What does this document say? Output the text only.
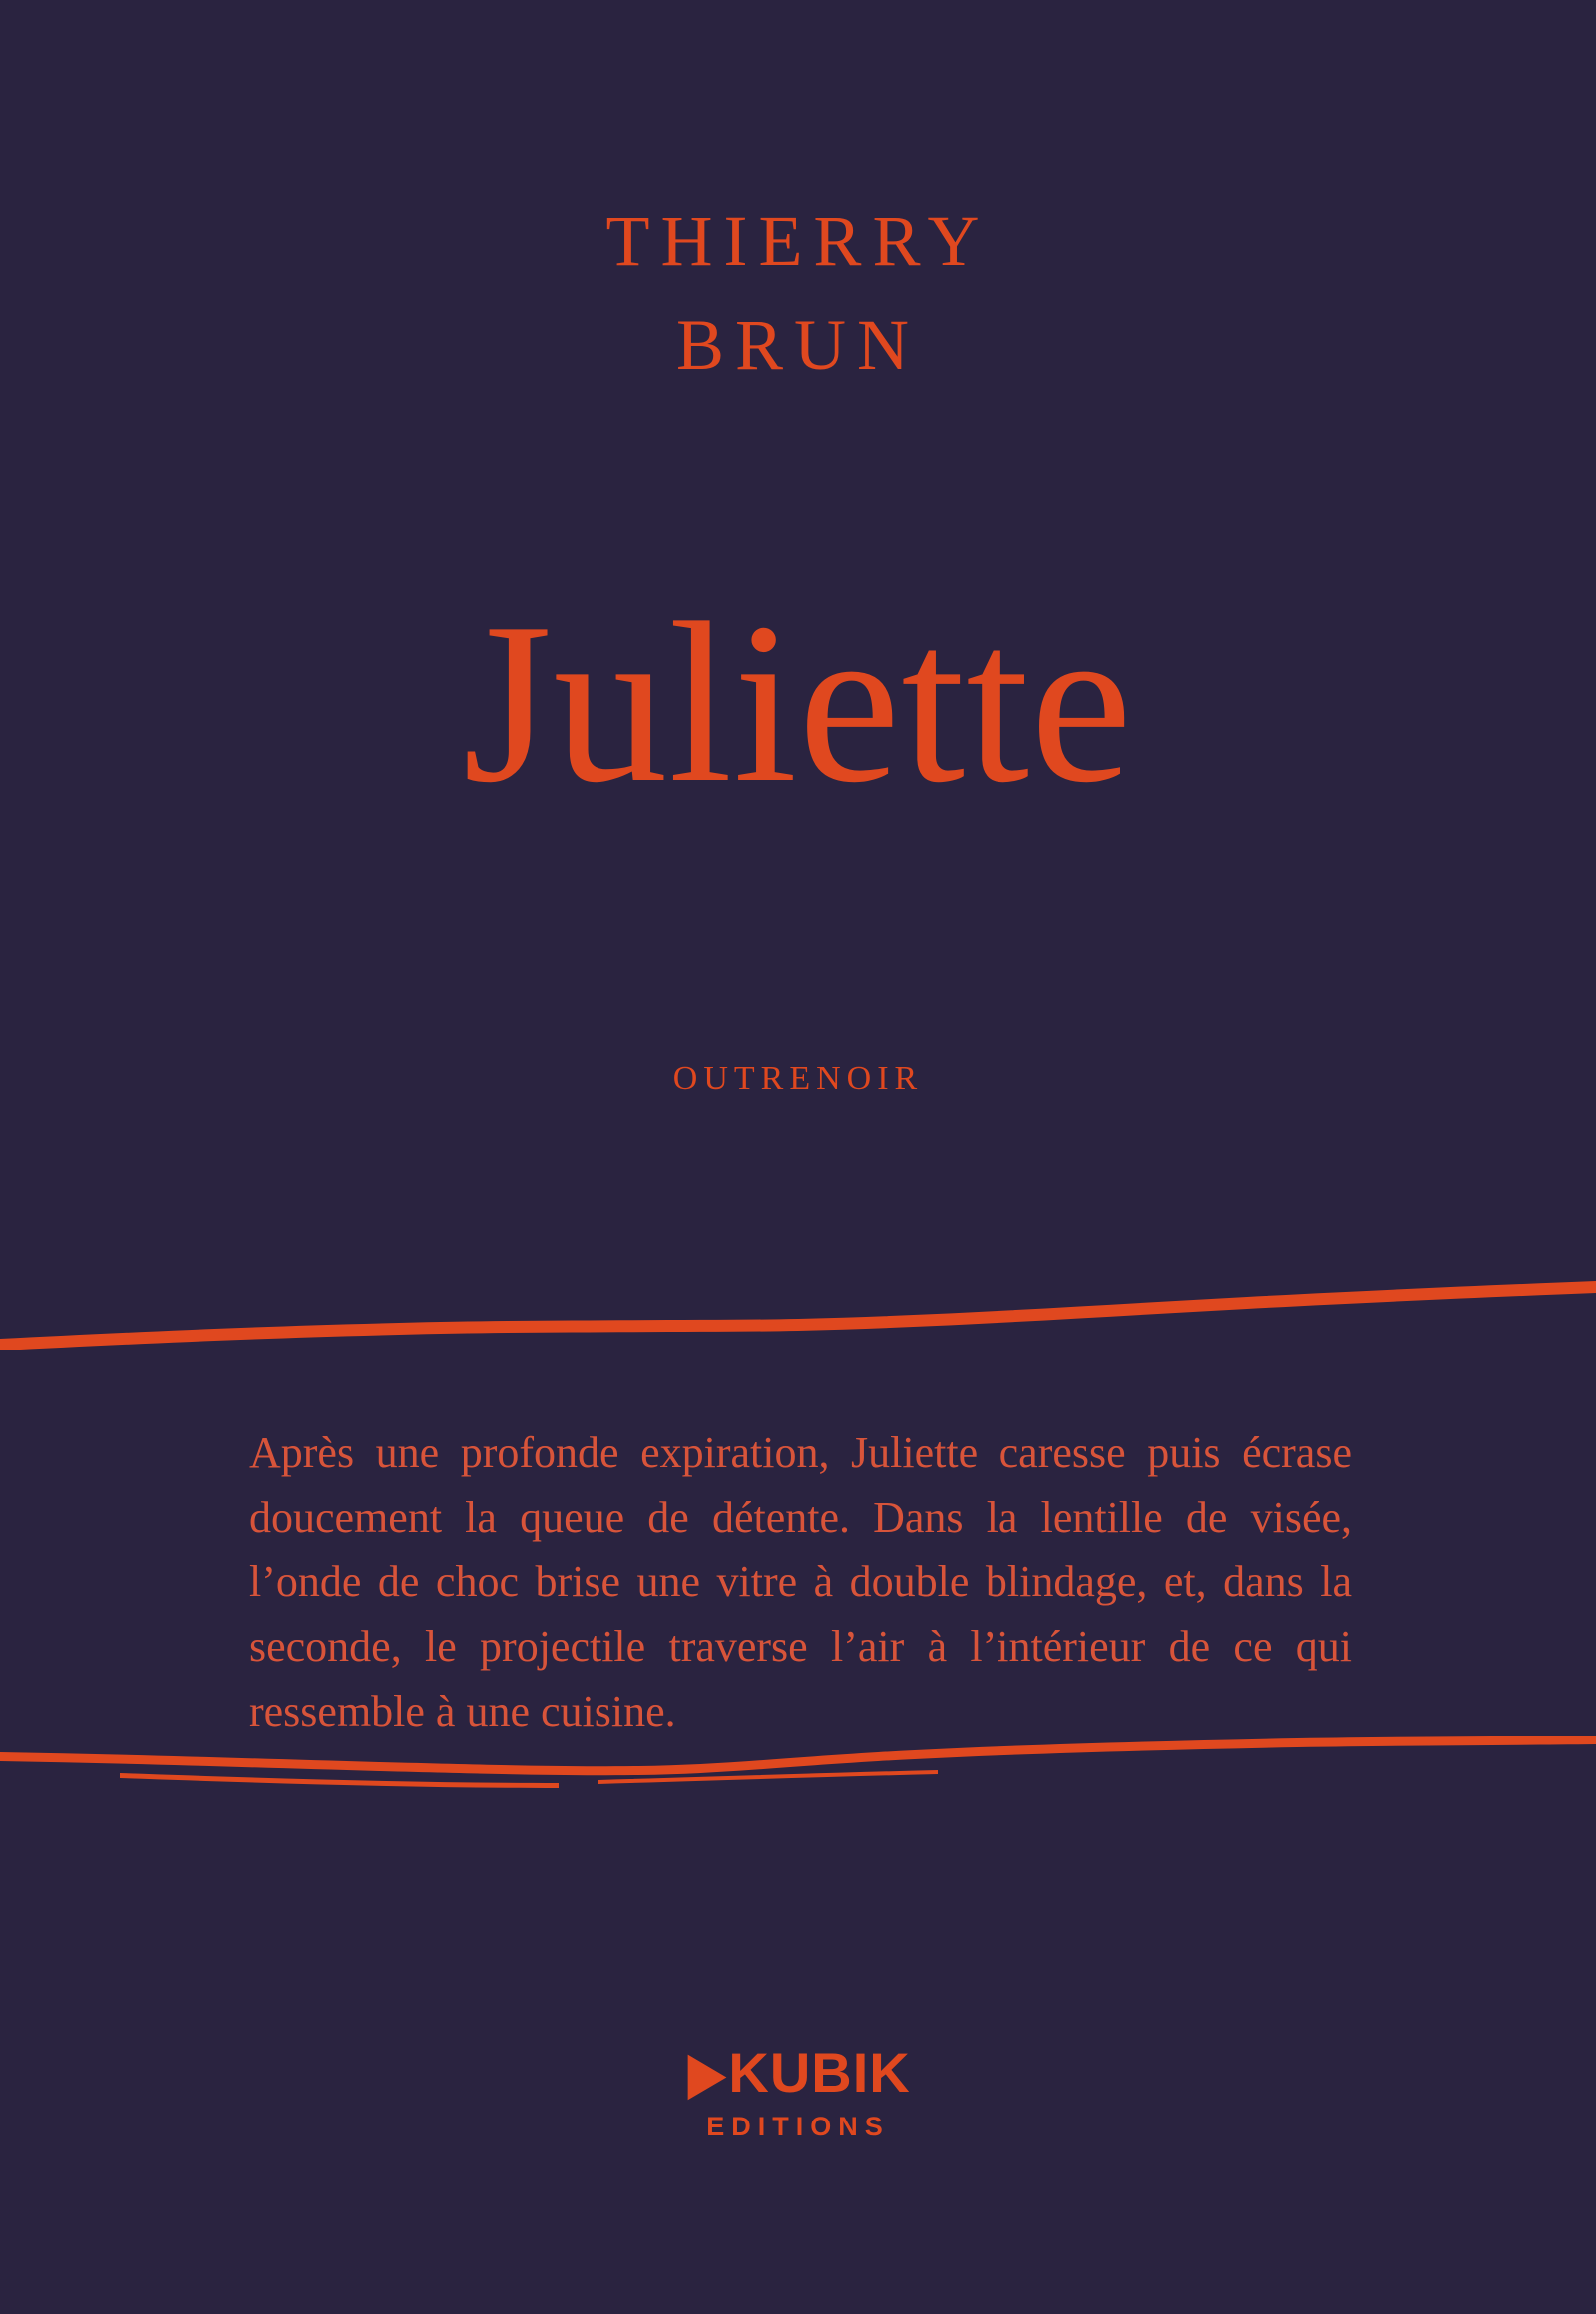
THIERRY
BRUN
Juliette
OUTRENOIR
Après une profonde expiration, Juliette caresse puis écrase doucement la queue de détente. Dans la lentille de visée, l’onde de choc brise une vitre à double blindage, et, dans la seconde, le projectile traverse l’air à l’intérieur de ce qui ressemble à une cuisine.
▶KUBIK
EDITIONS
